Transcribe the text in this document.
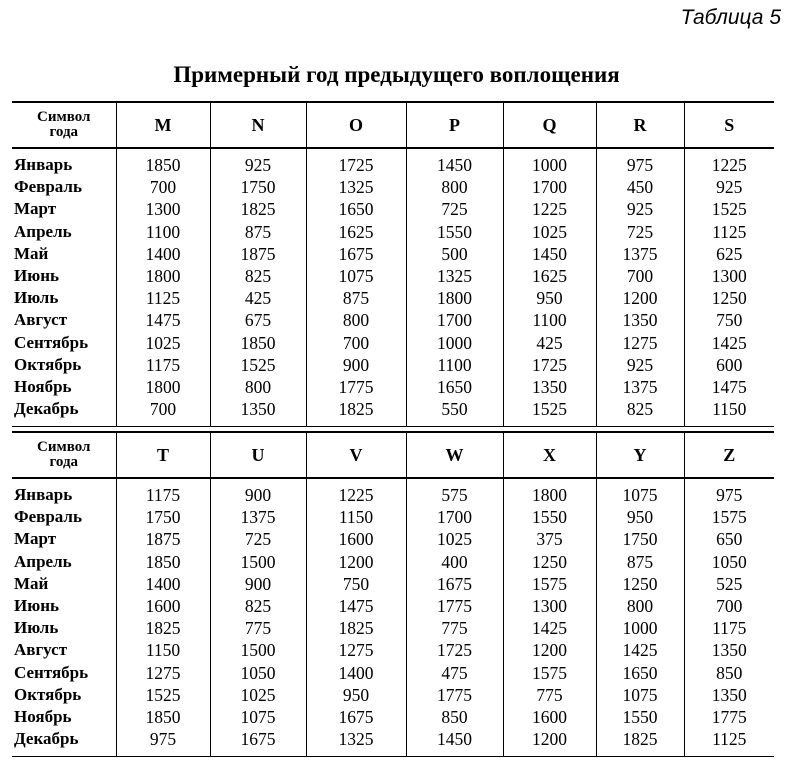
Таблица 5
Примерный год предыдущего воплощения
Символ
года	M	N	O	P	Q	R	S
Январь	1850	925	1725	1450	1000	975	1225
Февраль	700	1750	1325	800	1700	450	925
Март	1300	1825	1650	725	1225	925	1525
Апрель	1100	875	1625	1550	1025	725	1125
Май	1400	1875	1675	500	1450	1375	625
Июнь	1800	825	1075	1325	1625	700	1300
Июль	1125	425	875	1800	950	1200	1250
Август	1475	675	800	1700	1100	1350	750
Сентябрь	1025	1850	700	1000	425	1275	1425
Октябрь	1175	1525	900	1100	1725	925	600
Ноябрь	1800	800	1775	1650	1350	1375	1475
Декабрь	700	1350	1825	550	1525	825	1150
Символ
года	T	U	V	W	X	Y	Z
Январь	1175	900	1225	575	1800	1075	975
Февраль	1750	1375	1150	1700	1550	950	1575
Март	1875	725	1600	1025	375	1750	650
Апрель	1850	1500	1200	400	1250	875	1050
Май	1400	900	750	1675	1575	1250	525
Июнь	1600	825	1475	1775	1300	800	700
Июль	1825	775	1825	775	1425	1000	1175
Август	1150	1500	1275	1725	1200	1425	1350
Сентябрь	1275	1050	1400	475	1575	1650	850
Октябрь	1525	1025	950	1775	775	1075	1350
Ноябрь	1850	1075	1675	850	1600	1550	1775
Декабрь	975	1675	1325	1450	1200	1825	1125
